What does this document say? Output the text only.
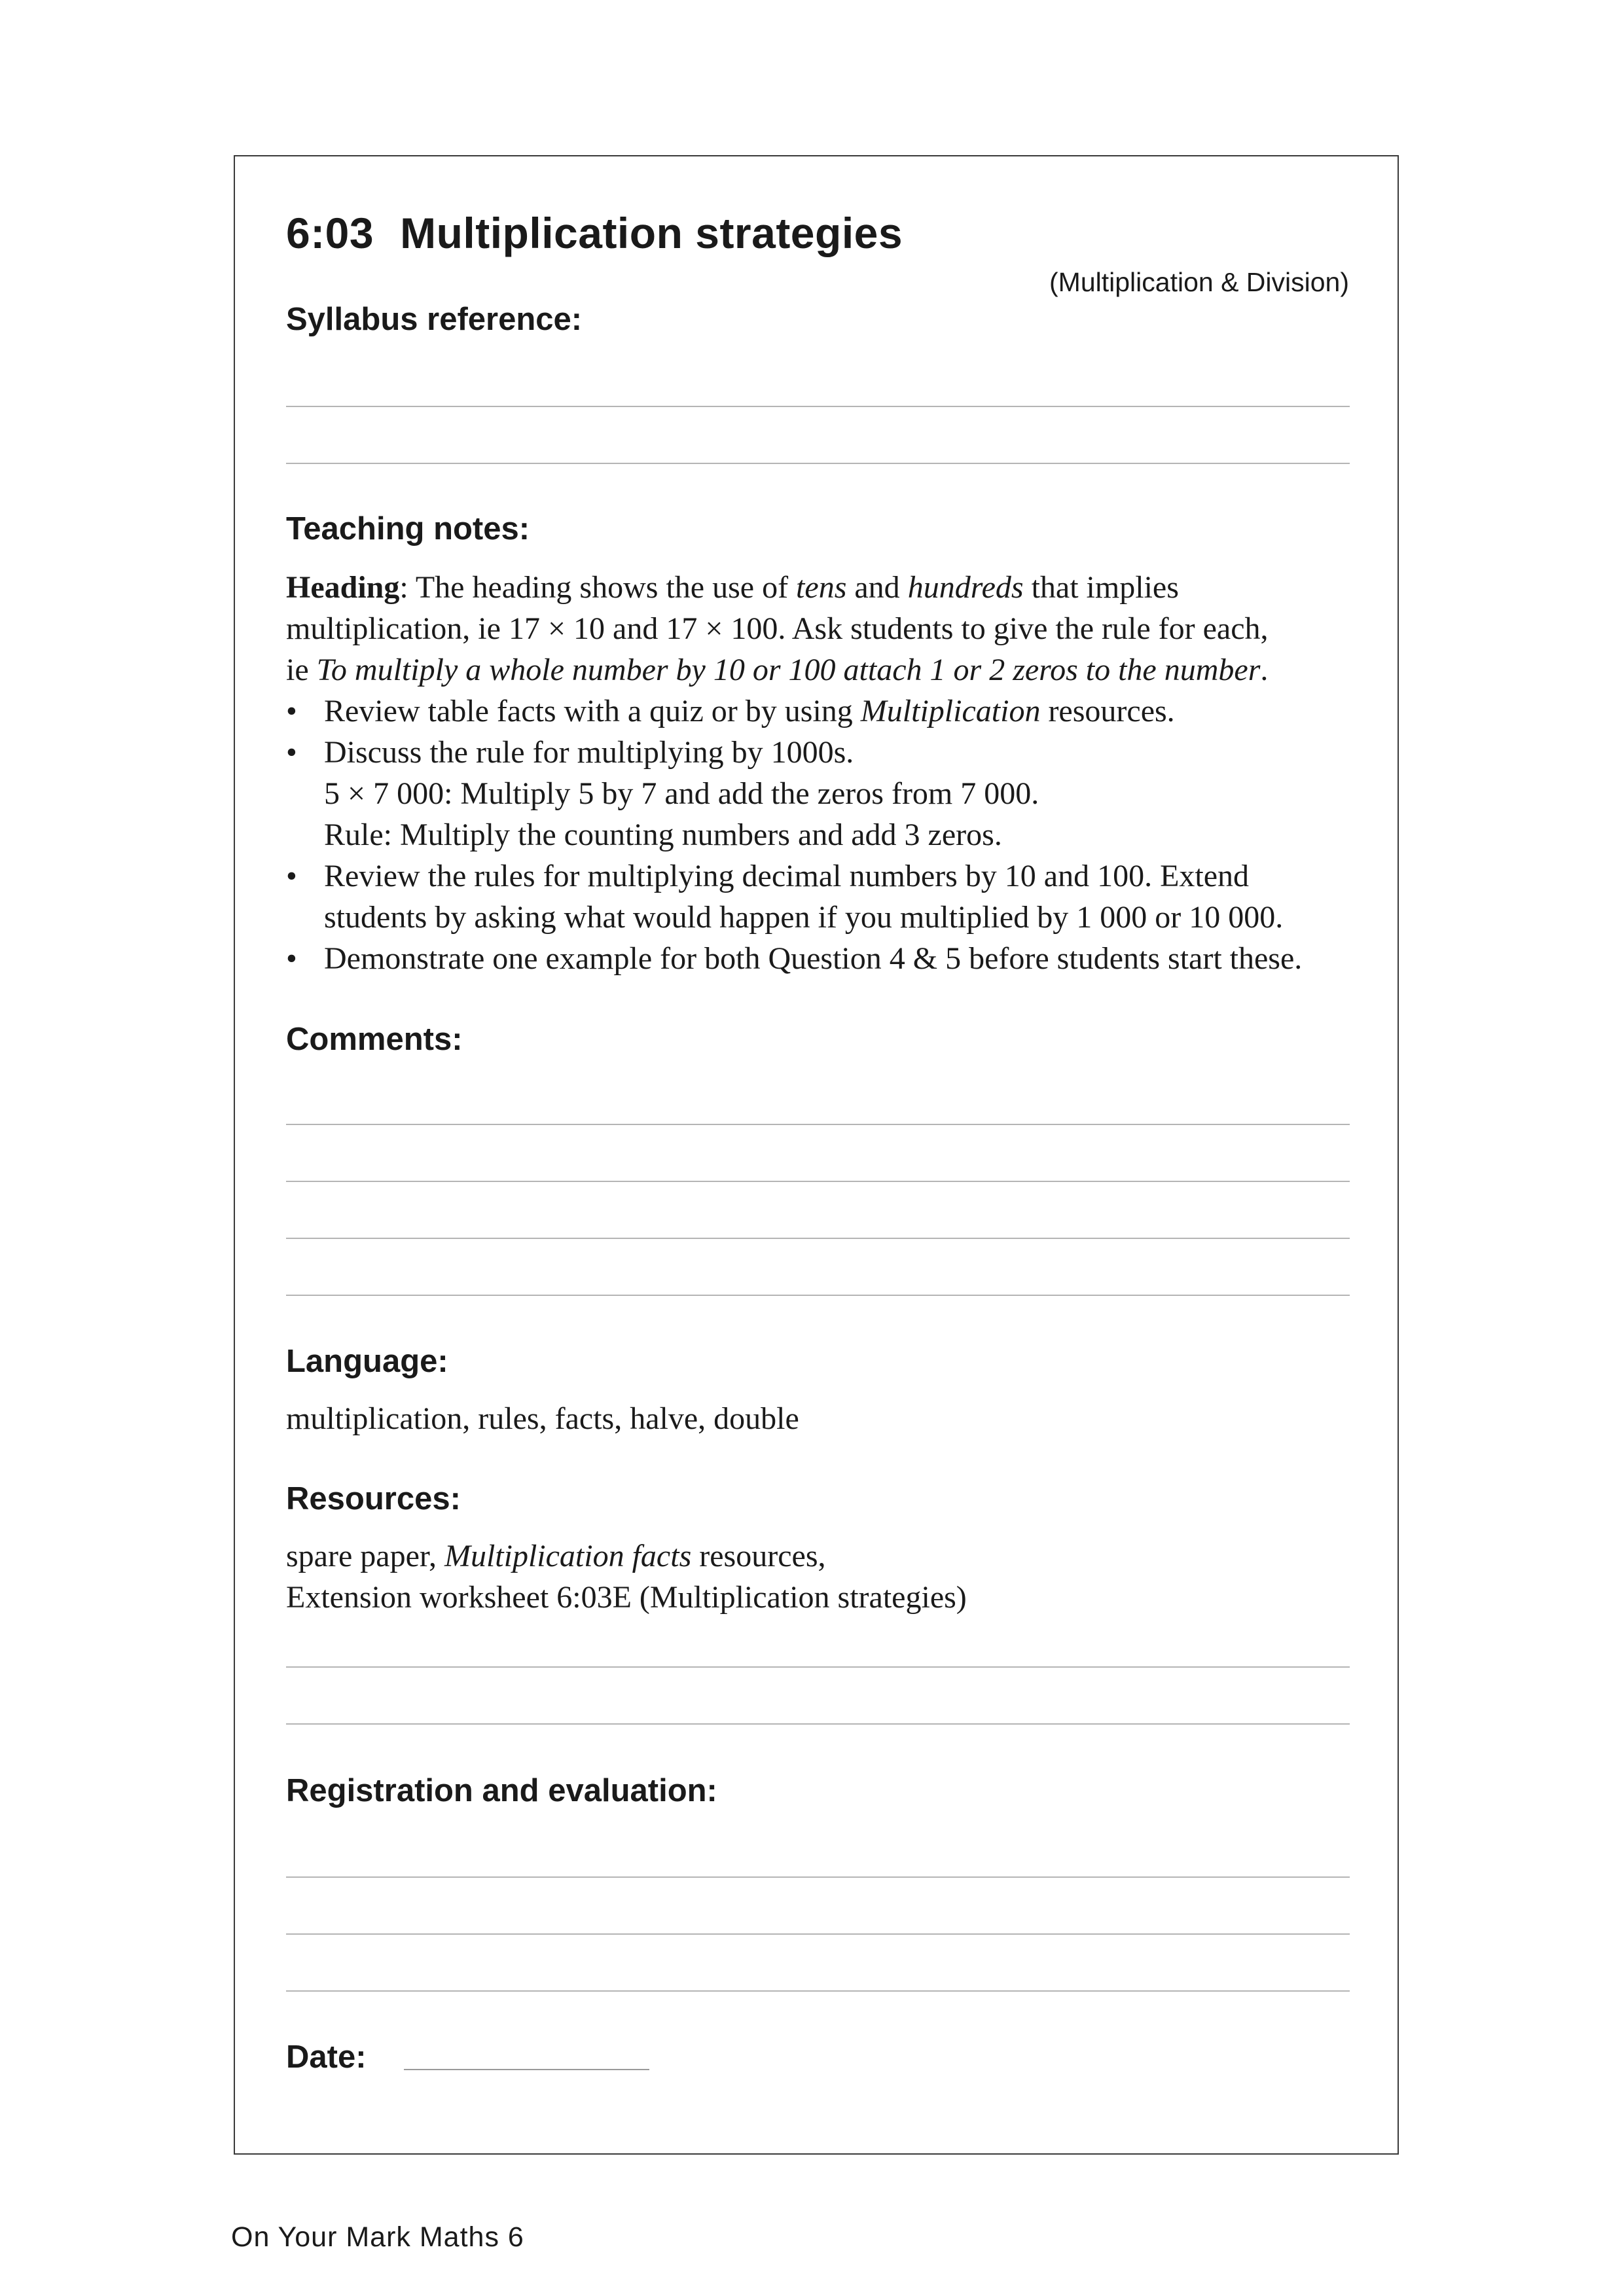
6:03 Multiplication strategies
(Multiplication & Division)
Syllabus reference:
Teaching notes:
Heading: The heading shows the use of tens and hundreds that implies
multiplication, ie 17 × 10 and 17 × 100. Ask students to give the rule for each,
ie To multiply a whole number by 10 or 100 attach 1 or 2 zeros to the number.
• Review table facts with a quiz or by using Multiplication resources.
• Discuss the rule for multiplying by 1000s.
5 × 7 000: Multiply 5 by 7 and add the zeros from 7 000.
Rule: Multiply the counting numbers and add 3 zeros.
• Review the rules for multiplying decimal numbers by 10 and 100. Extend
students by asking what would happen if you multiplied by 1 000 or 10 000.
• Demonstrate one example for both Question 4 & 5 before students start these.
Comments:
Language:
multiplication, rules, facts, halve, double
Resources:
spare paper, Multiplication facts resources,
Extension worksheet 6:03E (Multiplication strategies)
Registration and evaluation:
Date:
On Your Mark Maths 6
